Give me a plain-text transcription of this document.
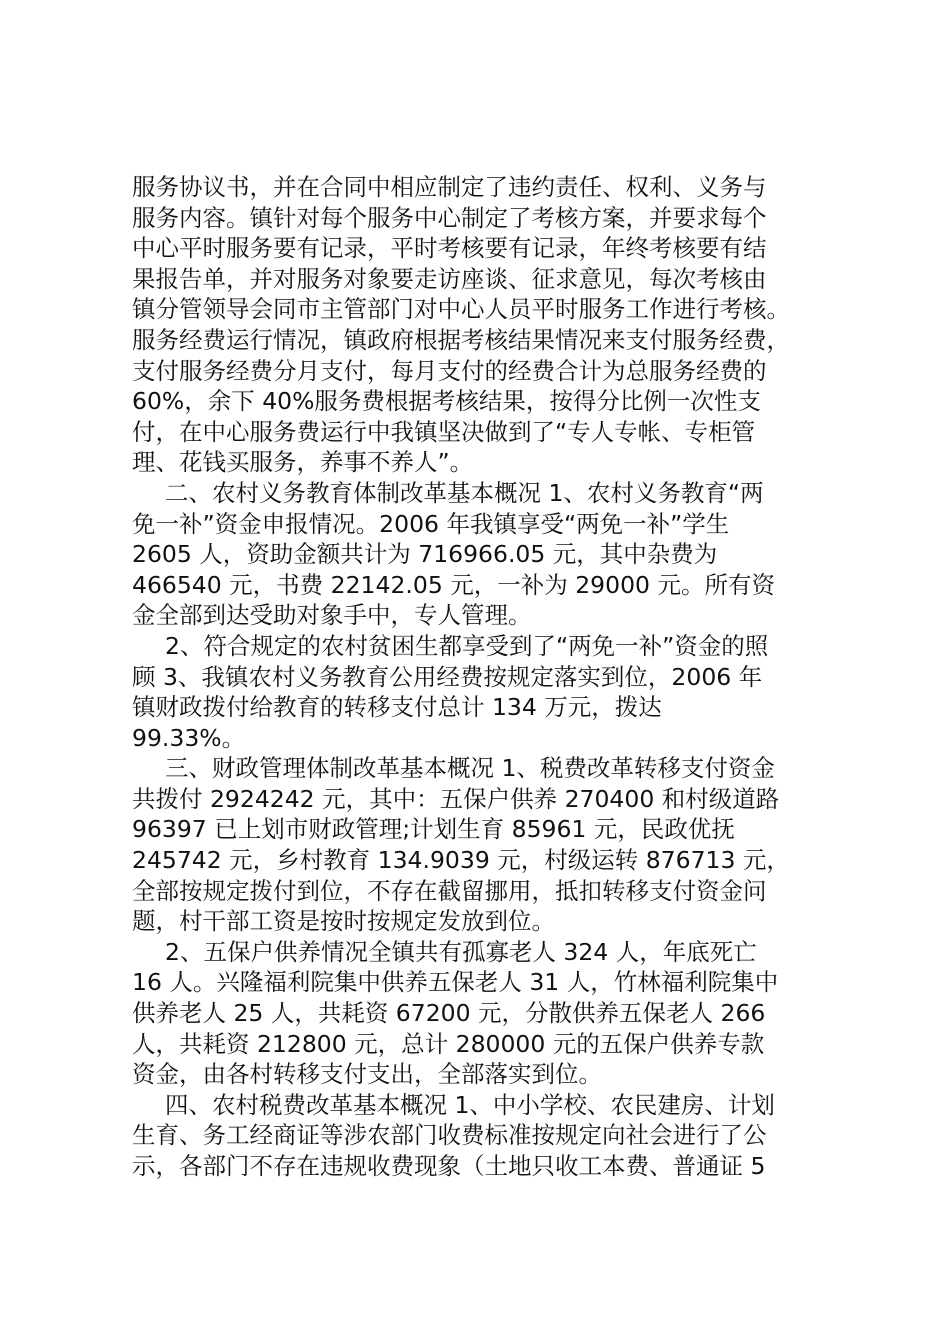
服务协议书，并在合同中相应制定了违约责任、权利、义务与
服务内容。镇针对每个服务中心制定了考核方案，并要求每个
中心平时服务要有记录，平时考核要有记录，年终考核要有结
果报告单，并对服务对象要走访座谈、征求意见，每次考核由
镇分管领导会同市主管部门对中心人员平时服务工作进行考核。
服务经费运行情况，镇政府根据考核结果情况来支付服务经费，
支付服务经费分月支付，每月支付的经费合计为总服务经费的
60%，余下 40%服务费根据考核结果，按得分比例一次性支
付，在中心服务费运行中我镇坚决做到了“专人专帐、专柜管
理、花钱买服务，养事不养人”。
二、农村义务教育体制改革基本概况 1、农村义务教育“两
免一补”资金申报情况。2006 年我镇享受“两免一补”学生
2605 人，资助金额共计为 716966.05 元，其中杂费为
466540 元，书费 22142.05 元，一补为 29000 元。所有资
金全部到达受助对象手中，专人管理。
2、符合规定的农村贫困生都享受到了“两免一补”资金的照
顾 3、我镇农村义务教育公用经费按规定落实到位，2006 年
镇财政拨付给教育的转移支付总计 134 万元，拨达
99.33%。
三、财政管理体制改革基本概况 1、税费改革转移支付资金
共拨付 2924242 元，其中：五保户供养 270400 和村级道路
96397 已上划市财政管理;计划生育 85961 元，民政优抚
245742 元，乡村教育 134.9039 元，村级运转 876713 元，
全部按规定拨付到位，不存在截留挪用，抵扣转移支付资金问
题，村干部工资是按时按规定发放到位。
2、五保户供养情况全镇共有孤寡老人 324 人，年底死亡
16 人。兴隆福利院集中供养五保老人 31 人，竹林福利院集中
供养老人 25 人，共耗资 67200 元，分散供养五保老人 266
人，共耗资 212800 元，总计 280000 元的五保户供养专款
资金，由各村转移支付支出，全部落实到位。
四、农村税费改革基本概况 1、中小学校、农民建房、计划
生育、务工经商证等涉农部门收费标准按规定向社会进行了公
示，各部门不存在违规收费现象（土地只收工本费、普通证 5
